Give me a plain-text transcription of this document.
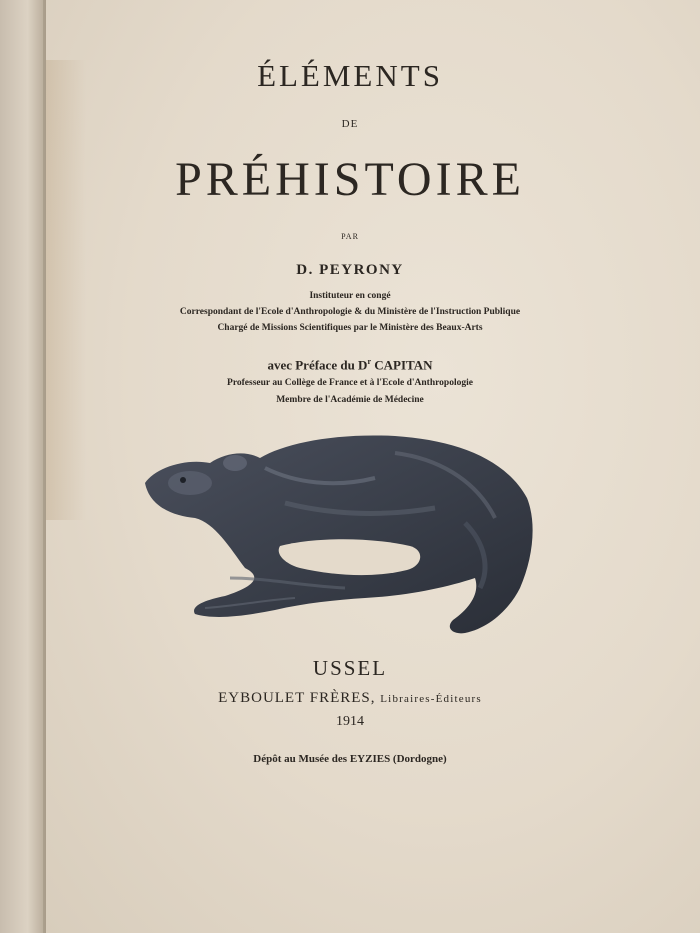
ÉLÉMENTS

DE

PRÉHISTOIRE

PAR

D. PEYRONY

Instituteur en congé

Correspondant de l'Ecole d'Anthropologie & du Ministère de l'Instruction Publique

Chargé de Missions Scientifiques par le Ministère des Beaux-Arts

avec Préface du $D^r$ CAPITAN

Professeur au Collège de France et à l'Ecole d'Anthropologie

Membre de l'Académie de Médecine

USSEL

EYBOULET FRÈRES, Libraires-Éditeurs

1914

Dépôt au Musée des EYZIES (Dordogne)
